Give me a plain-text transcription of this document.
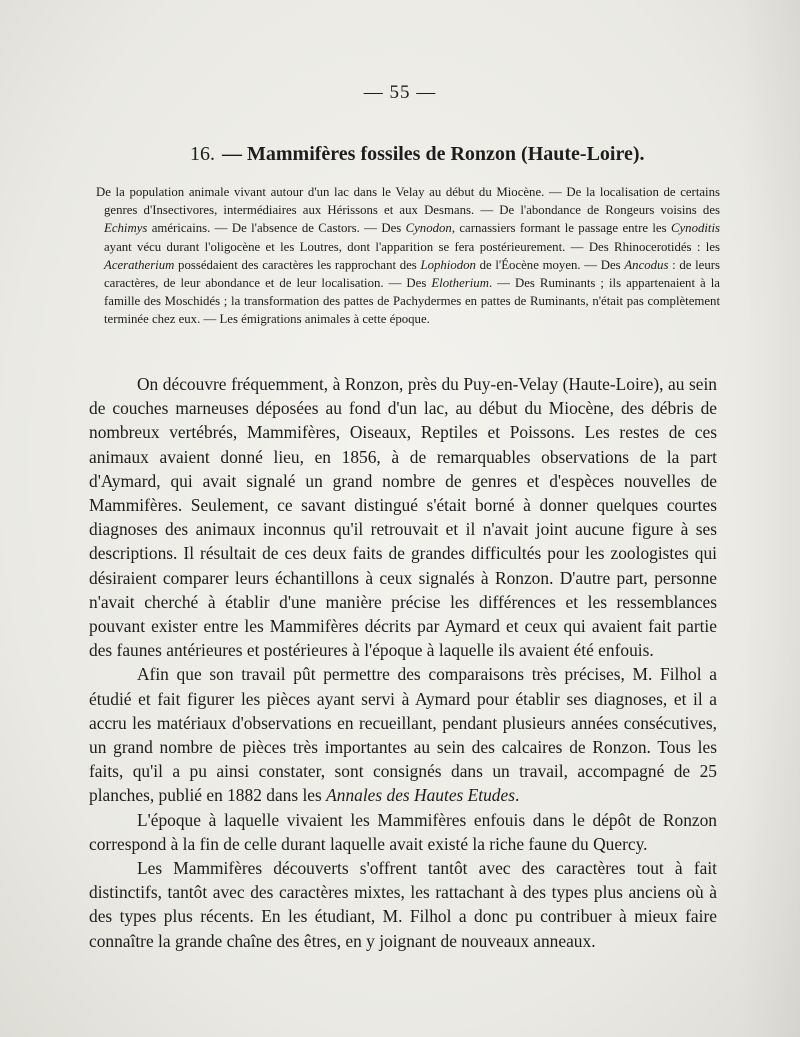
— 55 —
16. — Mammifères fossiles de Ronzon (Haute-Loire).
De la population animale vivant autour d'un lac dans le Velay au début du Miocène. — De la localisation de certains genres d'Insectivores, intermédiaires aux Hérissons et aux Desmans. — De l'abondance de Rongeurs voisins des Echimys américains. — De l'absence de Castors. — Des Cynodon, carnassiers formant le passage entre les Cynoditis ayant vécu durant l'oligocène et les Loutres, dont l'apparition se fera postérieurement. — Des Rhinocerotidés : les Aceratherium possédaient des caractères les rapprochant des Lophiodon de l'Éocène moyen. — Des Ancodus : de leurs caractères, de leur abondance et de leur localisation. — Des Elotherium. — Des Ruminants ; ils appartenaient à la famille des Moschidés ; la transformation des pattes de Pachydermes en pattes de Ruminants, n'était pas complètement terminée chez eux. — Les émigrations animales à cette époque.

On découvre fréquemment, à Ronzon, près du Puy-en-Velay (Haute-Loire), au sein de couches marneuses déposées au fond d'un lac, au début du Miocène, des débris de nombreux vertébrés, Mammifères, Oiseaux, Reptiles et Poissons. Les restes de ces animaux avaient donné lieu, en 1856, à de remarquables observations de la part d'Aymard, qui avait signalé un grand nombre de genres et d'espèces nouvelles de Mammifères. Seulement, ce savant distingué s'était borné à donner quelques courtes diagnoses des animaux inconnus qu'il retrouvait et il n'avait joint aucune figure à ses descriptions. Il résultait de ces deux faits de grandes difficultés pour les zoologistes qui désiraient comparer leurs échantillons à ceux signalés à Ronzon. D'autre part, personne n'avait cherché à établir d'une manière précise les différences et les ressemblances pouvant exister entre les Mammifères décrits par Aymard et ceux qui avaient fait partie des faunes antérieures et postérieures à l'époque à laquelle ils avaient été enfouis.

Afin que son travail pût permettre des comparaisons très précises, M. Filhol a étudié et fait figurer les pièces ayant servi à Aymard pour établir ses diagnoses, et il a accru les matériaux d'observations en recueillant, pendant plusieurs années consécutives, un grand nombre de pièces très importantes au sein des calcaires de Ronzon. Tous les faits, qu'il a pu ainsi constater, sont consignés dans un travail, accompagné de 25 planches, publié en 1882 dans les Annales des Hautes Etudes.

L'époque à laquelle vivaient les Mammifères enfouis dans le dépôt de Ronzon correspond à la fin de celle durant laquelle avait existé la riche faune du Quercy.

Les Mammifères découverts s'offrent tantôt avec des caractères tout à fait distinctifs, tantôt avec des caractères mixtes, les rattachant à des types plus anciens où à des types plus récents. En les étudiant, M. Filhol a donc pu contribuer à mieux faire connaître la grande chaîne des êtres, en y joignant de nouveaux anneaux.
